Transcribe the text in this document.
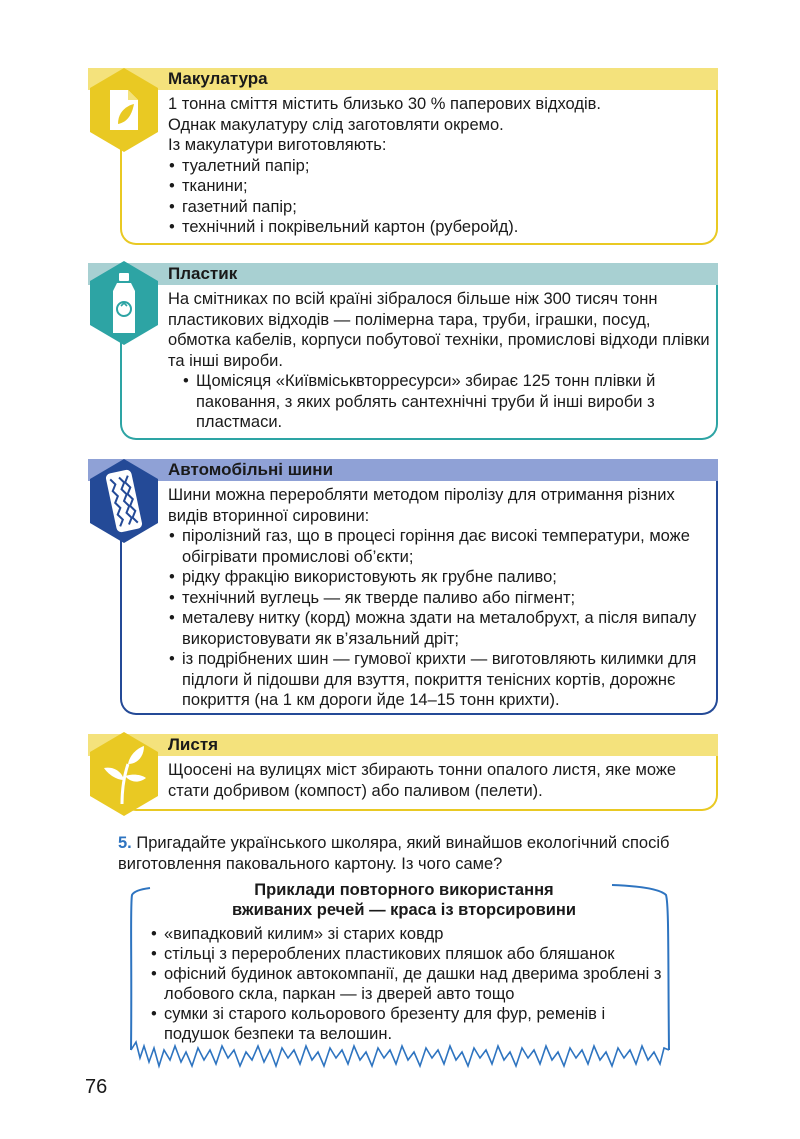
Макулатура

1 тонна сміття містить близько 30 % паперових відходів.

Однак макулатуру слід заготовляти окремо.

Із макулатури виготовляють:

• туалетний папір;
• тканини;
• газетний папір;
• технічний і покрівельний картон (руберойд).
Пластик

На смітниках по всій країні зібралося більше ніж 300 тисяч тонн пластикових відходів — полімерна тара, труби, іграшки, посуд, обмотка кабелів, корпуси побутової техніки, промислові відходи плівки та інші вироби.

• Щомісяця «Київміськвторресурси» збирає 125 тонн плівки й паковання, з яких роблять сантехнічні труби й інші вироби з пластмаси.
Автомобільні шини

Шини можна переробляти методом піролізу для отримання різних видів вторинної сировини:

• піролізний газ, що в процесі горіння дає високі температури, може обігрівати промислові об’єкти;
• рідку фракцію використовують як грубне паливо;
• технічний вуглець — як тверде паливо або пігмент;
• металеву нитку (корд) можна здати на металобрухт, а після випалу використовувати як в’язальний дріт;
• із подрібнених шин — гумової крихти — виготовляють килимки для підлоги й підошви для взуття, покриття тенісних кортів, дорожнє покриття (на 1 км дороги йде 14–15 тонн крихти).
Листя

Щоосені на вулицях міст збирають тонни опалого листя, яке може стати добривом (компост) або паливом (пелети).

5. Пригадайте українського школяра, який винайшов екологічний спосіб виготовлення паковального картону. Із чого саме?
Приклади повторного використання
вживаних речей — краса із вторсировини
• «випадковий килим» зі старих ковдр
• стільці з перероблених пластикових пляшок або бляшанок
• офісний будинок автокомпанії, де дашки над дверима зроблені з лобового скла, паркан — із дверей авто тощо
• сумки зі старого кольорового брезенту для фур, ременів і подушок безпеки та велошин.
76
